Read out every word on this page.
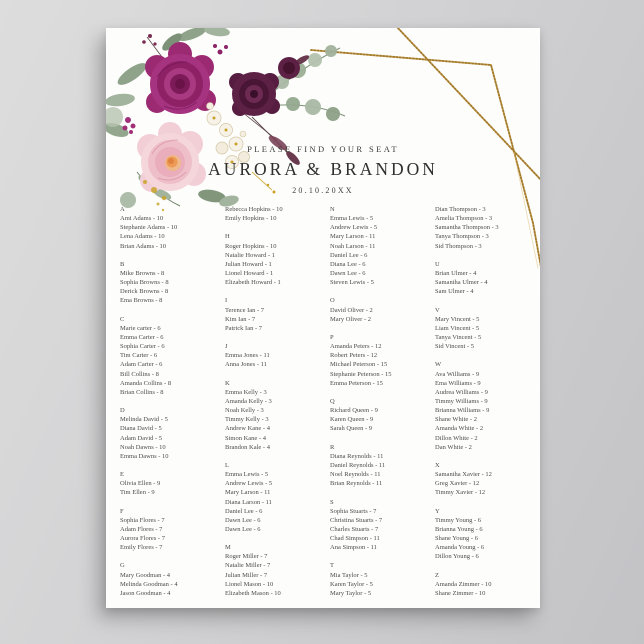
PLEASE FIND YOUR SEAT
AURORA & BRANDON
20.10.20XX
A
Ami Adams - 10
Stephanie Adams - 10
Lena Adams - 10
Brian Adams - 10
B
Mike Browns - 8
Sophia Browns - 8
Derick Browns - 8
Ema Browns - 8
C
Marie carter - 6
Emma Carter - 6
Sophia Carter - 6
Tim Carter - 6
Adam Carter - 6
Bill Collins - 8
Amanda Collins - 8
Brian Collins - 8
D
Melinda David - 5
Diana David - 5
Adam David - 5
Noah Dawns - 10
Emma Dawns - 10
E
Olivia Ellen - 9
Tim Ellen - 9
F
Sophia Flores - 7
Adam Flores - 7
Aurora Flores - 7
Emily Flores - 7
G
Mary Goodman - 4
Melinda Goodman - 4
Jason Goodman - 4
Rebecca Hopkins - 10
Emily Hopkins - 10
H
Roger Hopkins - 10
Natalie Howard - 1
Julian Howard - 1
Lionel Howard - 1
Elizabeth Howard - 1
I
Terence Ian - 7
Kim Ian - 7
Patrick Ian - 7
J
Emma Jones - 11
Anna Jones - 11
K
Emma Kelly - 3
Amanda Kelly - 3
Noah Kelly - 3
Timmy Kelly - 3
Andrew Kane - 4
Simon Kane - 4
Brandon Kale - 4
L
Emma Lewis - 5
Andrew Lewis - 5
Mary Larson - 11
Diana Larson - 11
Daniel Lee - 6
Dawn Lee - 6
Dawn Lee - 6
M
Roger Miller - 7
Natalie Miller - 7
Julian Miller - 7
Lionel Mason - 10
Elizabeth Mason - 10
N
Emma Lewis - 5
Andrew Lewis - 5
Mary Larson - 11
Noah Larson - 11
Daniel Lee - 6
Diana Lee - 6
Dawn Lee - 6
Steven Lewis - 5
O
David Oliver - 2
Mary Oliver - 2
P
Amanda Peters - 12
Robert Peters - 12
Michael Peterson - 15
Stephanie Peterson - 15
Emma Peterson - 15
Q
Richard Queen - 9
Karen Queen - 9
Sarah Queen - 9
R
Diana Reynolds - 11
Daniel Reynolds - 11
Noel Reynolds - 11
Brian Reynolds - 11
S
Sophia Stuarts - 7
Christina Stuarts - 7
Charles Stuarts - 7
Chad Simpson - 11
Ana Simpson - 11
T
Mia Taylor - 5
Karen Taylor - 5
Mary Taylor - 5
Dian Thompson - 3
Amelia Thompson - 3
Samantha Thompson - 3
Tanya Thompson - 3
Sid Thompson - 3
U
Brian Ulmer - 4
Samantha Ulmer - 4
Sam Ulmer - 4
V
Mary Vincent - 5
Liam Vincent - 5
Tanya Vincent - 5
Sid Vincent - 5
W
Ava Williams - 9
Ema Williams - 9
Audrea Williams - 9
Timmy Williams - 9
Brianna Williams - 9
Shane White - 2
Amanda White - 2
Dillon White - 2
Dan White - 2
X
Samantha Xavier - 12
Greg Xavier - 12
Timmy Xavier - 12
Y
Timmy Young - 6
Brianna Young - 6
Shane Young - 6
Amanda Young - 6
Dillon Young - 6
Z
Amanda Zimmer - 10
Shane Zimmer - 10
